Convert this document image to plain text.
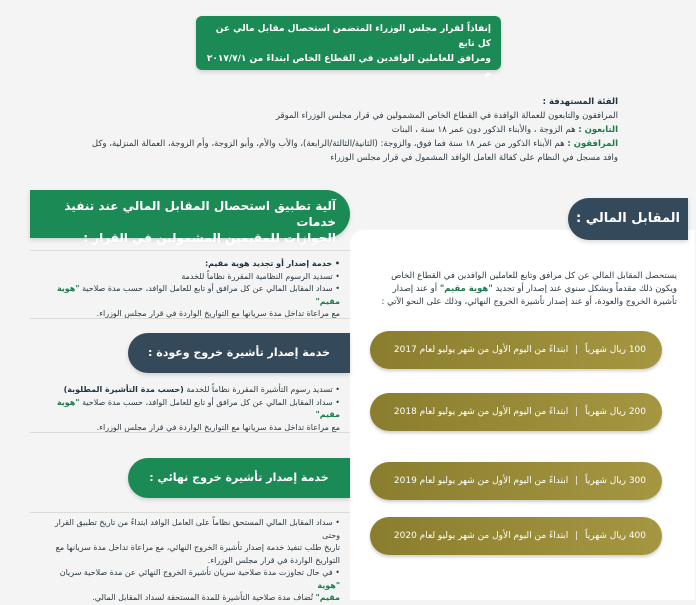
إنفاذاً لقرار مجلس الوزراء المتضمن استحصال مقابل مالي عن كل تابع
ومرافق للعاملين الوافدين في القطاع الخاص ابتداءً من ٢٠١٧/٧/١ م
الفئة المستهدفة :
المرافقون والتابعون للعمالة الوافدة في القطاع الخاص المشمولين في قرار مجلس الوزراء الموقر
التابعون : هم الزوجة ، والأبناء الذكور دون عمر ١٨ سنة ، البنات
المرافقون : هم الأبناء الذكور من عمر ١٨ سنة فما فوق، والزوجة: (الثانية/الثالثة/الرابعة)، والأب والأم، وأبو الزوجة، وأم الزوجة، العمالة المنزلية، وكل
وافد مسجل في النظام على كفالة العامل الوافد المشمول في قرار مجلس الوزراء
المقابل المالي :
يستحصل المقابل المالي عن كل مرافق وتابع للعاملين الوافدين في القطاع الخاص
ويكون ذلك مقدماً وبشكل سنوي عند إصدار أو تجديد "هوية مقيم" أو عند إصدار
تأشيرة الخروج والعودة، أو عند إصدار تأشيرة الخروج النهائي، وذلك على النحو الآتي :
100 ريال شهرياً | ابتداءً من اليوم الأول من شهر يوليو لعام 2017 م
200 ريال شهرياً | ابتداءً من اليوم الأول من شهر يوليو لعام 2018 م
300 ريال شهرياً | ابتداءً من اليوم الأول من شهر يوليو لعام 2019
400 ريال شهرياً | ابتداءً من اليوم الأول من شهر يوليو لعام 2020 م
آلية تطبيق استحصال المقابل المالي عند تنفيذ خدمات
الجوازات للمقيمين المشمولين في القرار :
• خدمة إصدار أو تجديد هوية مقيم:
• تسديد الرسوم النظامية المقررة نظاماً للخدمة
• سداد المقابل المالي عن كل مرافق أو تابع للعامل الوافد، حسب مدة صلاحية "هوية مقيم"
مع مراعاة تداخل مدة سريانها مع التواريخ الواردة في قرار مجلس الوزراء.
خدمة إصدار تأشيرة خروج وعودة :
• تسديد رسوم التأشيرة المقررة نظاماً للخدمة (حسب مدة التأشيرة المطلوبة)
• سداد المقابل المالي عن كل مرافق أو تابع للعامل الوافد، حسب مدة صلاحية "هوية مقيم"
مع مراعاة تداخل مدة سريانها مع التواريخ الواردة في قرار مجلس الوزراء.
خدمة إصدار تأشيرة خروج نهائي :
• سداد المقابل المالي المستحق نظاماً على العامل الوافد ابتداءً من تاريخ تطبيق القرار وحتى
تاريخ طلب تنفيذ خدمة إصدار تأشيرة الخروج النهائي، مع مراعاة تداخل مدة سريانها مع
التواريخ الواردة في قرار مجلس الوزراء.
• في حال تجاوزت مدة صلاحية سريان تأشيرة الخروج النهائي عن مدة صلاحية سريان "هوية
مقيم" تُضاف مدة صلاحية التأشيرة للمدة المستحقة لسداد المقابل المالي.
